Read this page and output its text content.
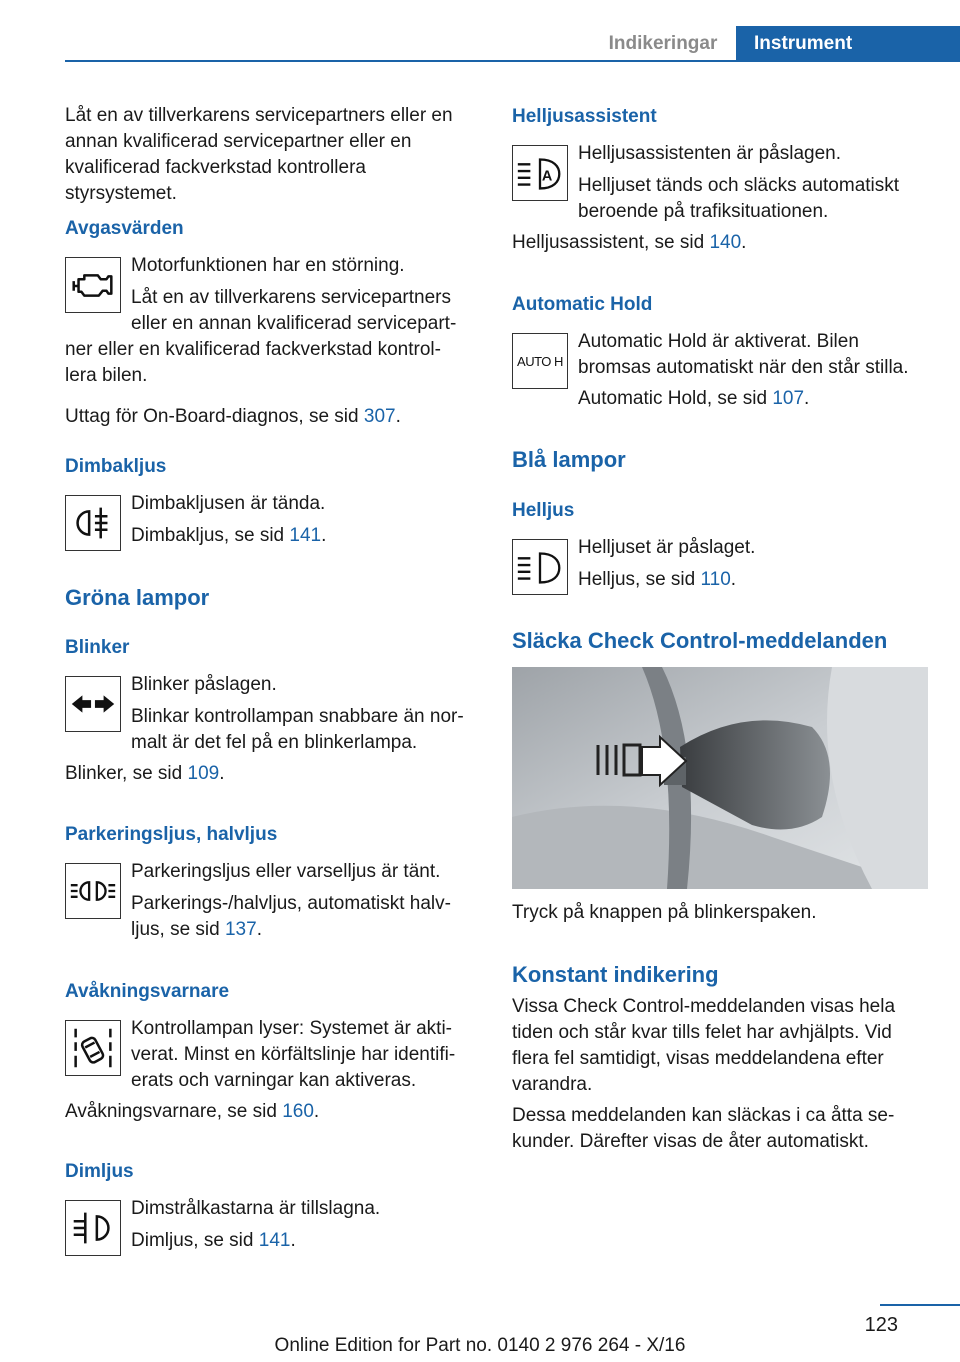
Indikeringar	Instrument
Låt en av tillverkarens servicepartners eller en annan kvalificerad servicepartner eller en kvalificerad fackverkstad kontrollera styrsystemet.
Avgasvärden
Motorfunktionen har en störning.
Låt en av tillverkarens servicepartners
eller en annan kvalificerad servicepart‐
ner eller en kvalificerad fackverkstad kontrol‐
lera bilen.
Uttag för On-Board-diagnos, se sid 307.
Dimbakljus
Dimbakljusen är tända.
Dimbakljus, se sid 141.
Gröna lampor
Blinker
Blinker påslagen.
Blinkar kontrollampan snabbare än nor‐
malt är det fel på en blinkerlampa.
Blinker, se sid 109.
Parkeringsljus, halvljus
Parkeringsljus eller varselljus är tänt.
Parkerings-/halvljus, automatiskt halv‐
ljus, se sid 137.
Avåkningsvarnare
Kontrollampan lyser: Systemet är akti‐
verat. Minst en körfältslinje har identifi‐
erats och varningar kan aktiveras.
Avåkningsvarnare, se sid 160.
Dimljus
Dimstrålkastarna är tillslagna.
Dimljus, se sid 141.
Helljusassistent
A
Helljusassistenten är påslagen.
Helljuset tänds och släcks automatiskt
beroende på trafiksituationen.
Helljusassistent, se sid 140.
Automatic Hold
AUTO H
Automatic Hold är aktiverat. Bilen
bromsas automatiskt när den står stilla.
Automatic Hold, se sid 107.
Blå lampor
Helljus
Helljuset är påslaget.
Helljus, se sid 110.
Släcka Check Control-meddelanden
Tryck på knappen på blinkerspaken.
Konstant indikering
Vissa Check Control-meddelanden visas hela
tiden och står kvar tills felet har avhjälpts. Vid
flera fel samtidigt, visas meddelandena efter
varandra.
Dessa meddelanden kan släckas i ca åtta se‐
kunder. Därefter visas de åter automatiskt.
123
Online Edition for Part no. 0140 2 976 264 - X/16
